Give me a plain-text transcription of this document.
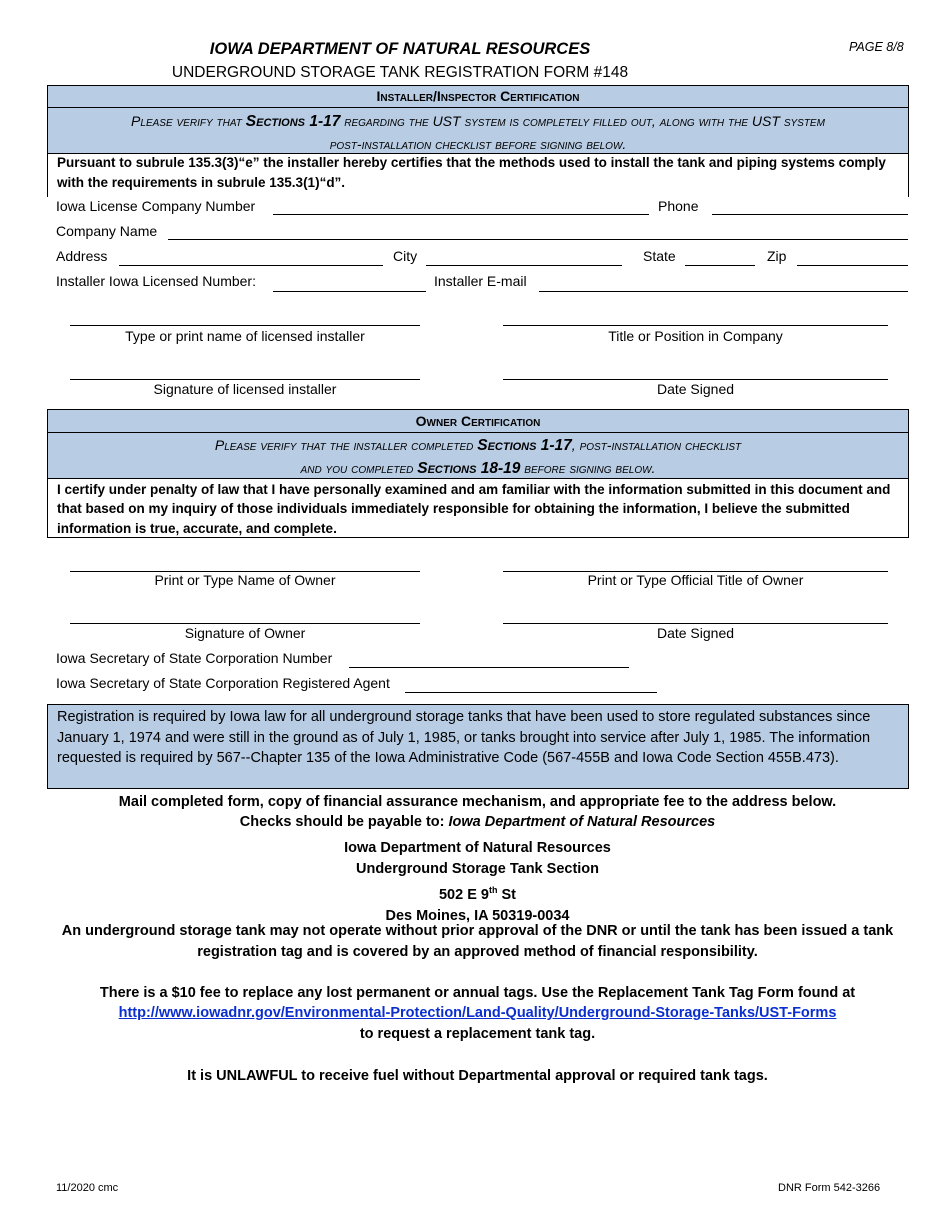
IOWA DEPARTMENT OF NATURAL RESOURCES	PAGE 8/8
UNDERGROUND STORAGE TANK REGISTRATION FORM #148
Installer/Inspector Certification
Please verify that Sections 1-17 regarding the UST system is completely filled out, along with the UST system
post-installation checklist before signing below.
Pursuant to subrule 135.3(3)“e” the installer hereby certifies that the methods used to install the tank and piping systems comply with the requirements in subrule 135.3(1)“d”.
Iowa License Company Number	Phone
Company Name
Address	City	State	Zip
Installer Iowa Licensed Number:	Installer E-mail
Type or print name of licensed installer	Title or Position in Company
Signature of licensed installer	Date Signed
Owner Certification
Please verify that the installer completed Sections 1-17, post-installation checklist
and you completed Sections 18-19 before signing below.
I certify under penalty of law that I have personally examined and am familiar with the information submitted in this document and that based on my inquiry of those individuals immediately responsible for obtaining the information, I believe the submitted information is true, accurate, and complete.
Print or Type Name of Owner	Print or Type Official Title of Owner
Signature of Owner	Date Signed
Iowa Secretary of State Corporation Number
Iowa Secretary of State Corporation Registered Agent
Registration is required by Iowa law for all underground storage tanks that have been used to store regulated substances since January 1, 1974 and were still in the ground as of July 1, 1985, or tanks brought into service after July 1, 1985. The information requested is required by 567--Chapter 135 of the Iowa Administrative Code (567-455B and Iowa Code Section 455B.473).
Mail completed form, copy of financial assurance mechanism, and appropriate fee to the address below.
Checks should be payable to: Iowa Department of Natural Resources
Iowa Department of Natural Resources
Underground Storage Tank Section
502 E 9th St
Des Moines, IA 50319-0034
An underground storage tank may not operate without prior approval of the DNR or until the tank has been issued a tank registration tag and is covered by an approved method of financial responsibility.
There is a $10 fee to replace any lost permanent or annual tags. Use the Replacement Tank Tag Form found at
http://www.iowadnr.gov/Environmental-Protection/Land-Quality/Underground-Storage-Tanks/UST-Forms
to request a replacement tank tag.
It is UNLAWFUL to receive fuel without Departmental approval or required tank tags.
11/2020 cmc	DNR Form 542-3266
